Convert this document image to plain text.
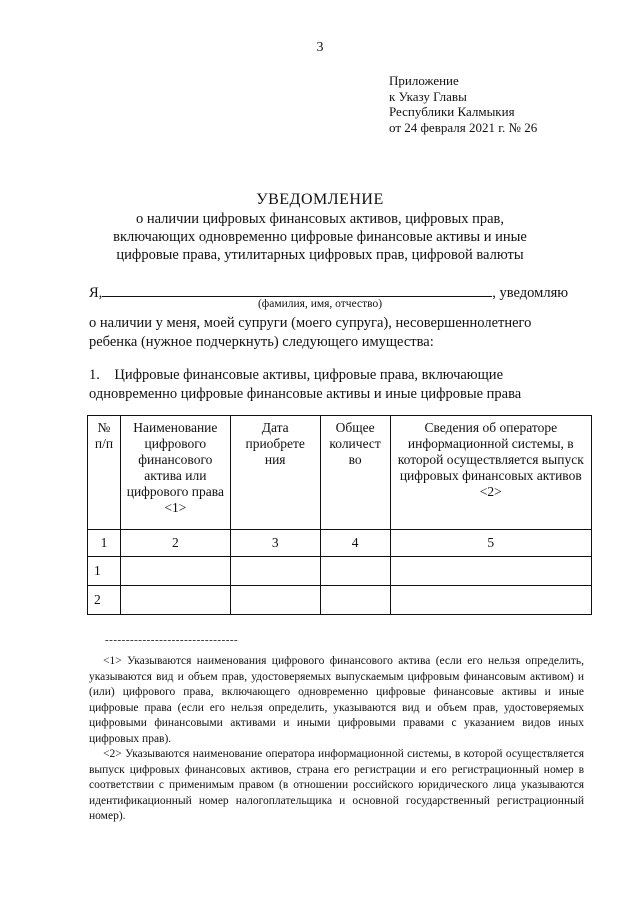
3
Приложение
к Указу Главы
Республики Калмыкия
от 24 февраля 2021 г. № 26
УВЕДОМЛЕНИЕ
о наличии цифровых финансовых активов, цифровых прав,
включающих одновременно цифровые финансовые активы и иные
цифровые права, утилитарных цифровых прав, цифровой валюты
Я,	, уведомляю
(фамилия, имя, отчество)
о наличии у меня, моей супруги (моего супруга), несовершеннолетнего
ребенка (нужное подчеркнуть) следующего имущества:
1.    Цифровые финансовые активы, цифровые права, включающие
одновременно цифровые финансовые активы и иные цифровые права
№ п/п	Наименование цифрового финансового актива или цифрового права <1>	Дата приобрете ния	Общее количест во	Сведения об операторе информационной системы, в которой осуществляется выпуск цифровых финансовых активов <2>
1	2	3	4	5
1				
2				
--------------------------------

<1> Указываются наименования цифрового финансового актива (если его нельзя определить, указываются вид и объем прав, удостоверяемых выпускаемым цифровым финансовым активом) и (или) цифрового права, включающего одновременно цифровые финансовые активы и иные цифровые права (если его нельзя определить, указываются вид и объем прав, удостоверяемых цифровыми финансовыми активами и иными цифровыми правами с указанием видов иных цифровых прав).

<2> Указываются наименование оператора информационной системы, в которой осуществляется выпуск цифровых финансовых активов, страна его регистрации и его регистрационный номер в соответствии с применимым правом (в отношении российского юридического лица указываются идентификационный номер налогоплательщика и основной государственный регистрационный номер).
